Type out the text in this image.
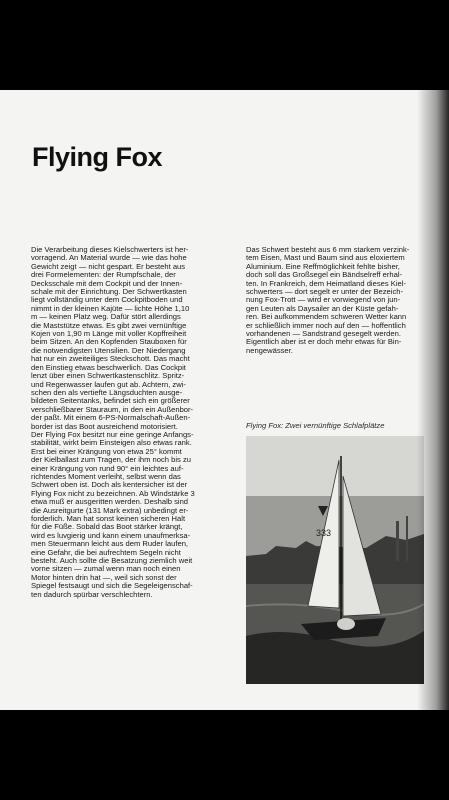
Flying Fox

Die Verarbeitung dieses Kielschwerters ist her-
vorragend. An Material wurde — wie das hohe
Gewicht zeigt — nicht gespart. Er besteht aus
drei Formelementen: der Rumpfschale, der
Decksschale mit dem Cockpit und der Innen-
schale mit der Einrichtung. Der Schwertkasten
liegt vollständig unter dem Cockpitboden und
nimmt in der kleinen Kajüte — lichte Höhe 1,10
m — keinen Platz weg. Dafür stört allerdings
die Maststütze etwas. Es gibt zwei vernünftige
Kojen von 1,90 m Länge mit voller Kopffreiheit
beim Sitzen. An den Kopfenden Stauboxen für
die notwendigsten Utensilien. Der Niedergang
hat nur ein zweiteiliges Steckschott. Das macht
den Einstieg etwas beschwerlich. Das Cockpit
lenzt über einen Schwertkastenschlitz. Spritz-
und Regenwasser laufen gut ab. Achtern, zwi-
schen den als vertiefte Längsduchten ausge-
bildeten Seitentanks, befindet sich ein größerer
verschließbarer Stauraum, in den ein Außenbor-
der paßt. Mit einem 6-PS-Normalschaft-Außen-
border ist das Boot ausreichend motorisiert.
Der Flying Fox besitzt nur eine geringe Anfangs-
stabilität, wirkt beim Einsteigen also etwas rank.
Erst bei einer Krängung von etwa 25° kommt
der Kielballast zum Tragen, der ihm noch bis zu
einer Krängung von rund 90° ein leichtes auf-
richtendes Moment verleiht, selbst wenn das
Schwert oben ist. Doch als kentersicher ist der
Flying Fox nicht zu bezeichnen. Ab Windstärke 3
etwa muß er ausgeritten werden. Deshalb sind
die Ausreitgurte (131 Mark extra) unbedingt er-
forderlich. Man hat sonst keinen sicheren Halt
für die Füße. Sobald das Boot stärker krängt,
wird es luvgierig und kann einem unaufmerksa-
men Steuermann leicht aus dem Ruder laufen,
eine Gefahr, die bei aufrechtem Segeln nicht
besteht. Auch sollte die Besatzung ziemlich weit
vorne sitzen — zumal wenn man noch einen
Motor hinten drin hat —, weil sich sonst der
Spiegel festsaugt und sich die Segeleigenschaf-
ten dadurch spürbar verschlechtern.

Das Schwert besteht aus 6 mm starkem verzink-
tem Eisen, Mast und Baum sind aus eloxiertem
Aluminium. Eine Reffmöglichkeit fehlte bisher,
doch soll das Großsegel ein Bändselreff erhal-
ten. In Frankreich, dem Heimatland dieses Kiel-
schwerters — dort segelt er unter der Bezeich-
nung Fox-Trott — wird er vorwiegend von jun-
gen Leuten als Daysailer an der Küste gefah-
ren. Bei aufkommendem schweren Wetter kann
er schließlich immer noch auf den — hoffentlich
vorhandenen — Sandstrand gesegelt werden.
Eigentlich aber ist er doch mehr etwas für Bin-
nengewässer.

Flying Fox: Zwei vernünftige Schlafplätze

333
